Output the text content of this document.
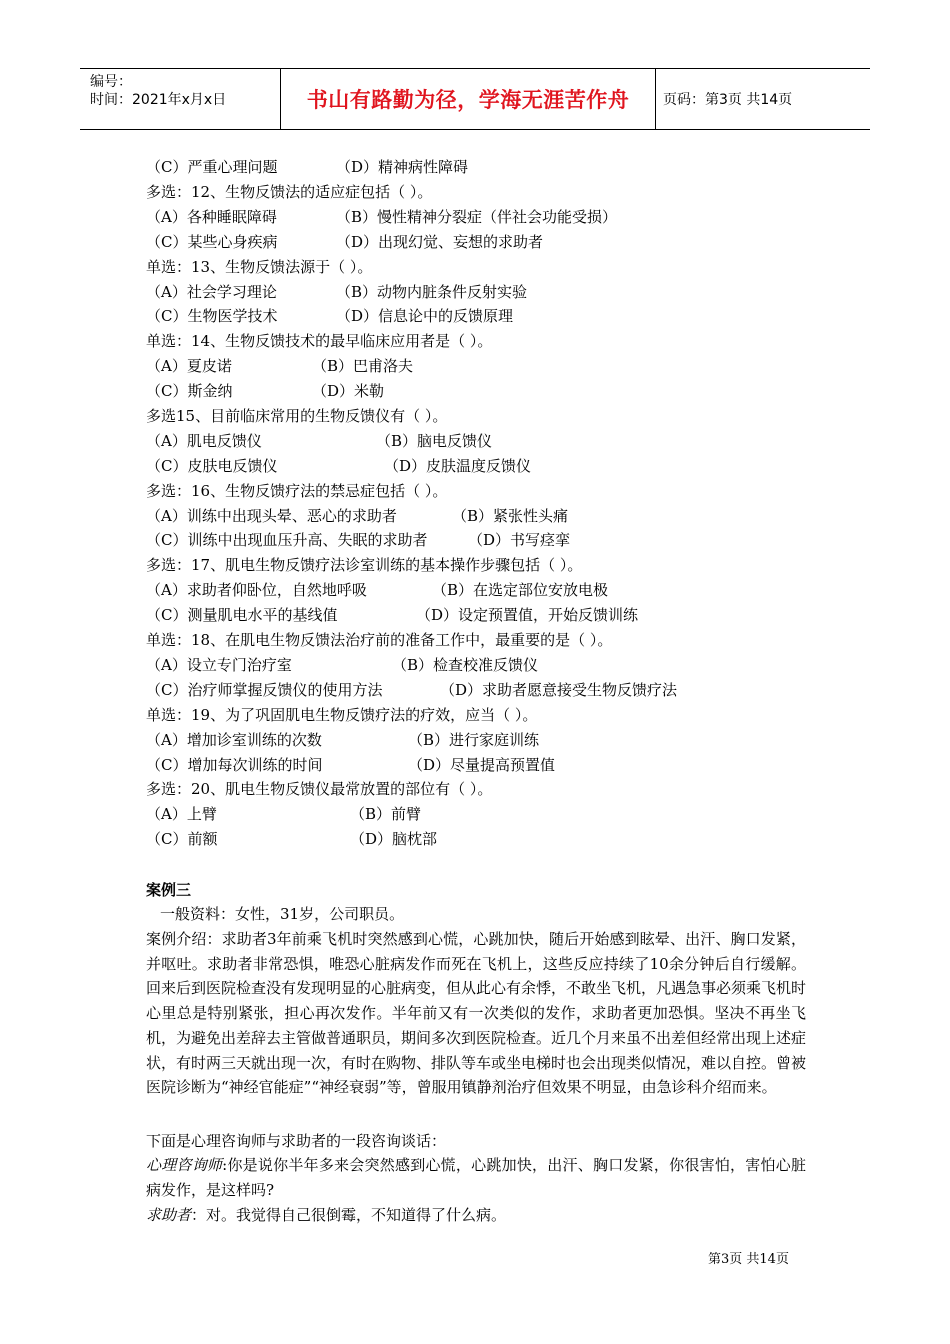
编号：
时间：2021年x月x日	书山有路勤为径，学海无涯苦作舟 页码：第3页 共14页
（C）严重心理问题	（D）精神病性障碍
多选：12、生物反馈法的适应症包括（ ）。
（A）各种睡眠障碍	（B）慢性精神分裂症（伴社会功能受损）
（C）某些心身疾病	（D）出现幻觉、妄想的求助者
单选：13、生物反馈法源于（ ）。
（A）社会学习理论	（B）动物内脏条件反射实验
（C）生物医学技术	（D）信息论中的反馈原理
单选：14、生物反馈技术的最早临床应用者是（ ）。
（A）夏皮诺	（B）巴甫洛夫
（C）斯金纳	（D）米勒
多选15、目前临床常用的生物反馈仪有（ ）。
（A）肌电反馈仪	（B）脑电反馈仪
（C）皮肤电反馈仪	（D）皮肤温度反馈仪
多选：16、生物反馈疗法的禁忌症包括（ ）。
（A）训练中出现头晕、恶心的求助者	（B）紧张性头痛
（C）训练中出现血压升高、失眠的求助者	（D）书写痉挛
多选：17、肌电生物反馈疗法诊室训练的基本操作步骤包括（ ）。
（A）求助者仰卧位，自然地呼吸	（B）在选定部位安放电极
（C）测量肌电水平的基线值	（D）设定预置值，开始反馈训练
单选：18、在肌电生物反馈法治疗前的准备工作中，最重要的是（ ）。
（A）设立专门治疗室	（B）检查校准反馈仪
（C）治疗师掌握反馈仪的使用方法	（D）求助者愿意接受生物反馈疗法
单选：19、为了巩固肌电生物反馈疗法的疗效，应当（ ）。
（A）增加诊室训练的次数	（B）进行家庭训练
（C）增加每次训练的时间	（D）尽量提高预置值
多选：20、肌电生物反馈仪最常放置的部位有（ ）。
（A）上臂	（B）前臂
（C）前额	（D）脑枕部
案例三
一般资料：女性，31岁，公司职员。
案例介绍：求助者3年前乘飞机时突然感到心慌，心跳加快，随后开始感到眩晕、出汗、胸口发紧，并呕吐。求助者非常恐惧，唯恐心脏病发作而死在飞机上，这些反应持续了10余分钟后自行缓解。回来后到医院检查没有发现明显的心脏病变，但从此心有余悸，不敢坐飞机，凡遇急事必须乘飞机时心里总是特别紧张，担心再次发作。半年前又有一次类似的发作，求助者更加恐惧。坚决不再坐飞机，为避免出差辞去主管做普通职员，期间多次到医院检查。近几个月来虽不出差但经常出现上述症状，有时两三天就出现一次，有时在购物、排队等车或坐电梯时也会出现类似情况，难以自控。曾被医院诊断为“神经官能症”“神经衰弱”等，曾服用镇静剂治疗但效果不明显，由急诊科介绍而来。
下面是心理咨询师与求助者的一段咨询谈话：
心理咨询师:你是说你半年多来会突然感到心慌，心跳加快，出汗、胸口发紧，你很害怕，害怕心脏病发作，是这样吗?
求助者：对。我觉得自己很倒霉，不知道得了什么病。
第3页 共14页
